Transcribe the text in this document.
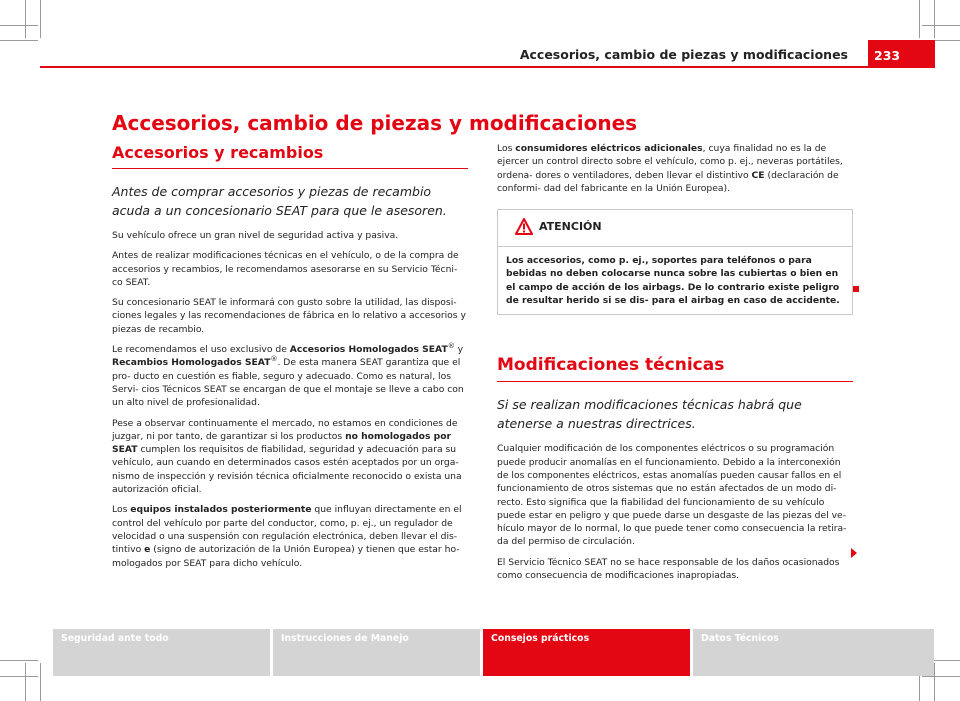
Accesorios, cambio de piezas y modificaciones 233
Accesorios, cambio de piezas y modificaciones
Accesorios y recambios

Antes de comprar accesorios y piezas de recambio acuda a un concesionario SEAT para que le asesoren.

Su vehículo ofrece un gran nivel de seguridad activa y pasiva.

Antes de realizar modificaciones técnicas en el vehículo, o de la compra de accesorios y recambios, le recomendamos asesorarse en su Servicio Técni- co SEAT.

Su concesionario SEAT le informará con gusto sobre la utilidad, las disposi- ciones legales y las recomendaciones de fábrica en lo relativo a accesorios y piezas de recambio.

Le recomendamos el uso exclusivo de Accesorios Homologados SEAT® y Recambios Homologados SEAT®. De esta manera SEAT garantiza que el pro- ducto en cuestión es fiable, seguro y adecuado. Como es natural, los Servi- cios Técnicos SEAT se encargan de que el montaje se lleve a cabo con un alto nivel de profesionalidad.

Pese a observar continuamente el mercado, no estamos en condiciones de juzgar, ni por tanto, de garantizar si los productos no homologados por SEAT cumplen los requisitos de fiabilidad, seguridad y adecuación para su vehículo, aun cuando en determinados casos estén aceptados por un orga- nismo de inspección y revisión técnica oficialmente reconocido o exista una autorización oficial.

Los equipos instalados posteriormente que influyan directamente en el control del vehículo por parte del conductor, como, p. ej., un regulador de velocidad o una suspensión con regulación electrónica, deben llevar el dis- tintivo e (signo de autorización de la Unión Europea) y tienen que estar ho- mologados por SEAT para dicho vehículo.

Los consumidores eléctricos adicionales, cuya finalidad no es la de ejercer un control directo sobre el vehículo, como p. ej., neveras portátiles, ordena- dores o ventiladores, deben llevar el distintivo CE (declaración de conformi- dad del fabricante en la Unión Europea).

ATENCIÓN
Los accesorios, como p. ej., soportes para teléfonos o para bebidas no deben colocarse nunca sobre las cubiertas o bien en el campo de acción de los airbags. De lo contrario existe peligro de resultar herido si se dis- para el airbag en caso de accidente.
Modificaciones técnicas

Si se realizan modificaciones técnicas habrá que atenerse a nuestras directrices.

Cualquier modificación de los componentes eléctricos o su programación puede producir anomalías en el funcionamiento. Debido a la interconexión de los componentes eléctricos, estas anomalías pueden causar fallos en el funcionamiento de otros sistemas que no están afectados de un modo di- recto. Esto significa que la fiabilidad del funcionamiento de su vehículo puede estar en peligro y que puede darse un desgaste de las piezas del ve- hículo mayor de lo normal, lo que puede tener como consecuencia la retira- da del permiso de circulación.

El Servicio Técnico SEAT no se hace responsable de los daños ocasionados como consecuencia de modificaciones inapropiadas.

Seguridad ante todo	Instrucciones de Manejo	Consejos prácticos	Datos Técnicos
